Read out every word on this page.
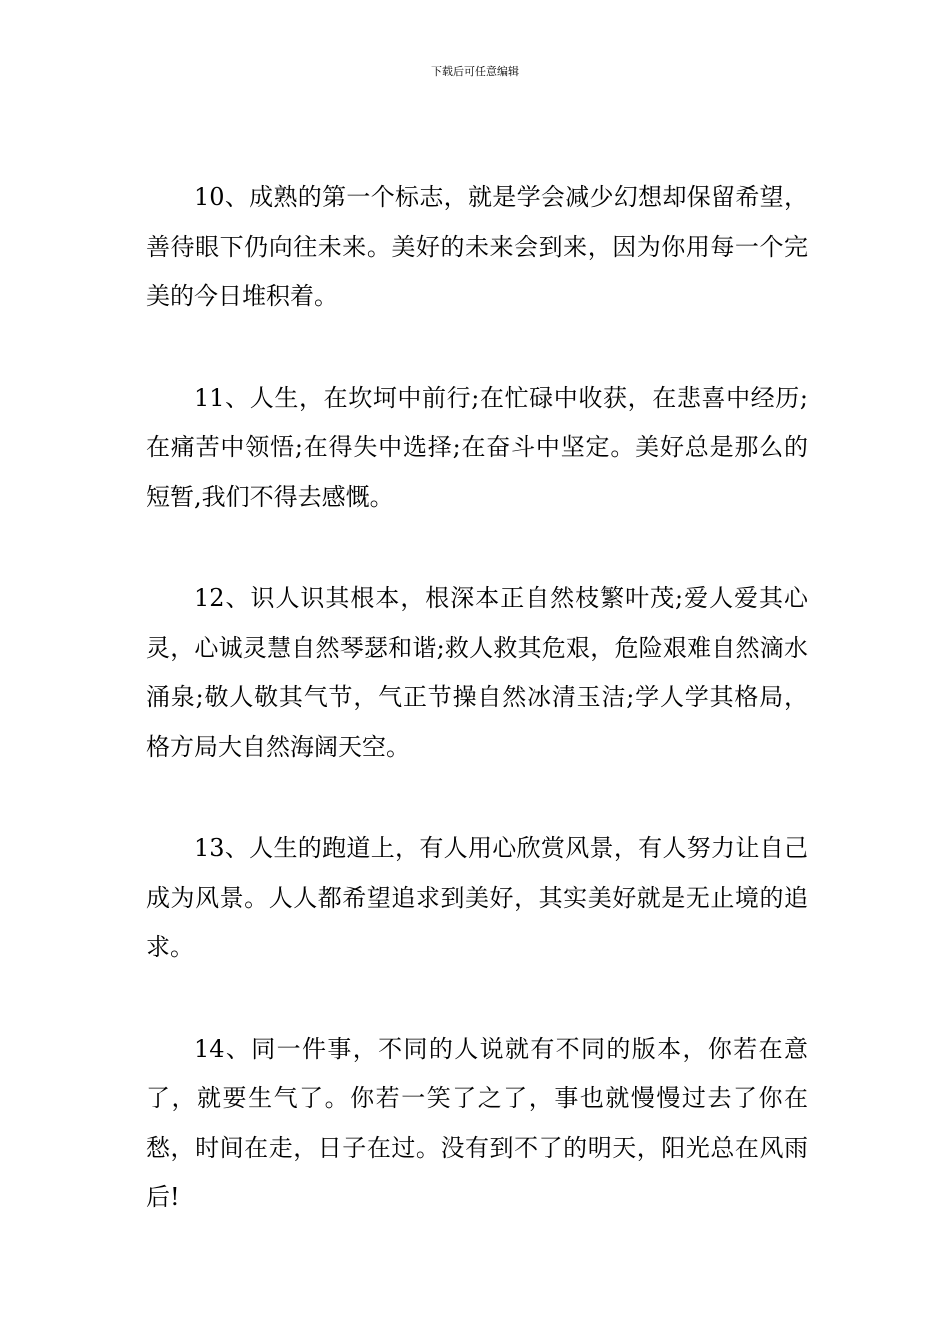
下载后可任意编辑

10、成熟的第一个标志，就是学会减少幻想却保留希望，善待眼下仍向往未来。美好的未来会到来，因为你用每一个完美的今日堆积着。

11、人生，在坎坷中前行;在忙碌中收获，在悲喜中经历;在痛苦中领悟;在得失中选择;在奋斗中坚定。美好总是那么的短暂,我们不得去感慨。

12、识人识其根本，根深本正自然枝繁叶茂;爱人爱其心灵，心诚灵慧自然琴瑟和谐;救人救其危艰，危险艰难自然滴水涌泉;敬人敬其气节，气正节操自然冰清玉洁;学人学其格局，格方局大自然海阔天空。

13、人生的跑道上，有人用心欣赏风景，有人努力让自己成为风景。人人都希望追求到美好，其实美好就是无止境的追求。

14、同一件事，不同的人说就有不同的版本，你若在意了，就要生气了。你若一笑了之了，事也就慢慢过去了你在愁，时间在走，日子在过。没有到不了的明天，阳光总在风雨后!
